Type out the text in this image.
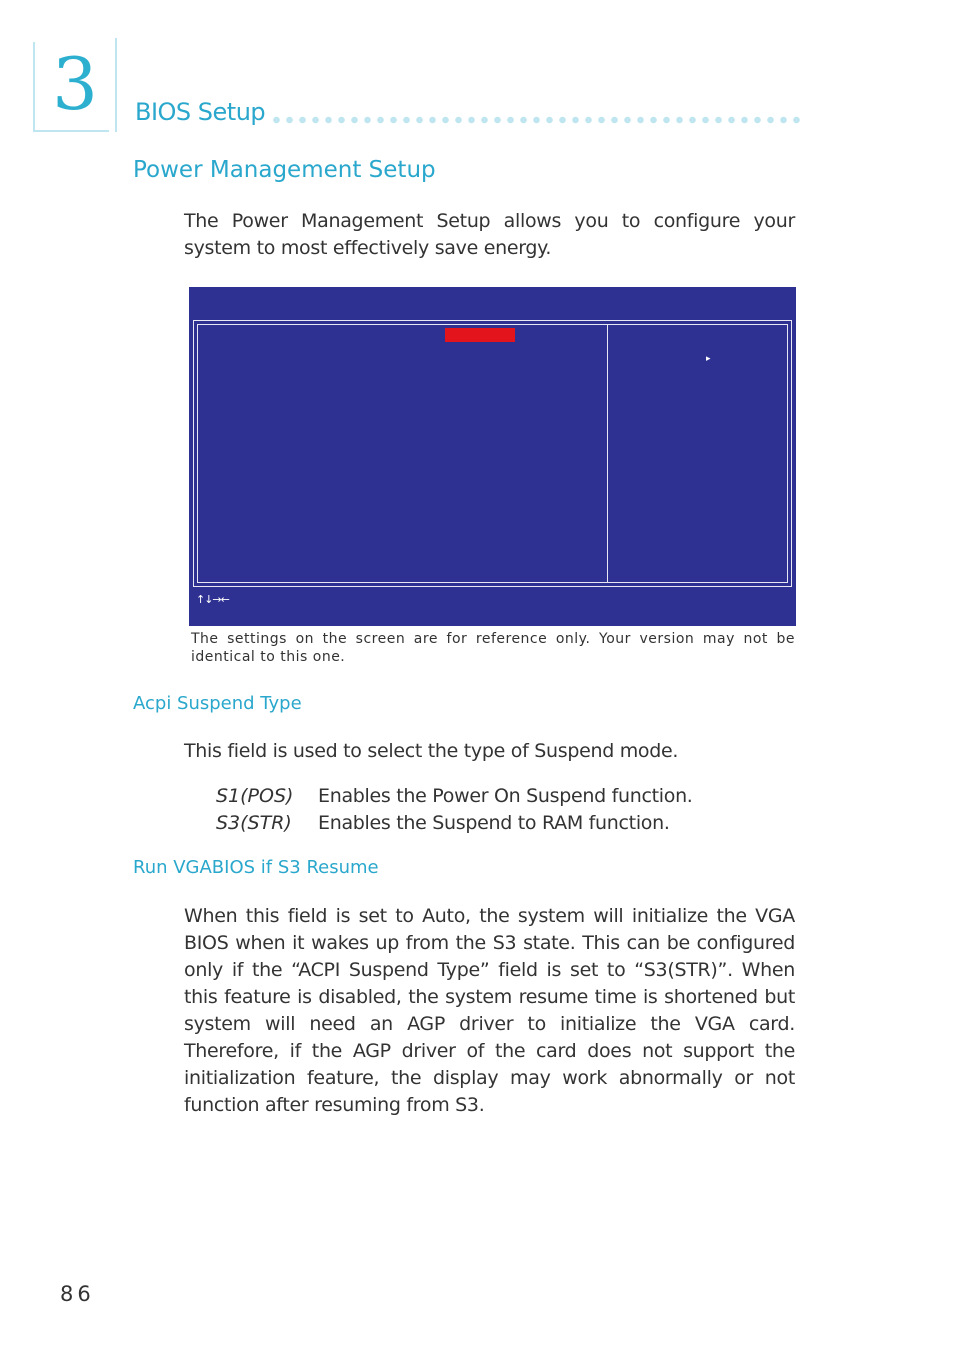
3	BIOS Setup
Power Management Setup
The Power Management Setup allows you to configure your system to most effectively save energy.
▸
↑↓→←
The settings on the screen are for reference only. Your version may not be identical to this one.
Acpi Suspend Type
This field is used to select the type of Suspend mode.
S1(POS) Enables the Power On Suspend function.
S3(STR) Enables the Suspend to RAM function.
Run VGABIOS if S3 Resume
When this field is set to Auto, the system will initialize the VGA BIOS when it wakes up from the S3 state. This can be configured only if the “ACPI Suspend Type” field is set to “S3(STR)”. When this feature is disabled, the system resume time is shortened but system will need an AGP driver to initialize the VGA card. Therefore, if the AGP driver of the card does not support the initialization feature, the display may work abnormally or not function after resuming from S3.
86
